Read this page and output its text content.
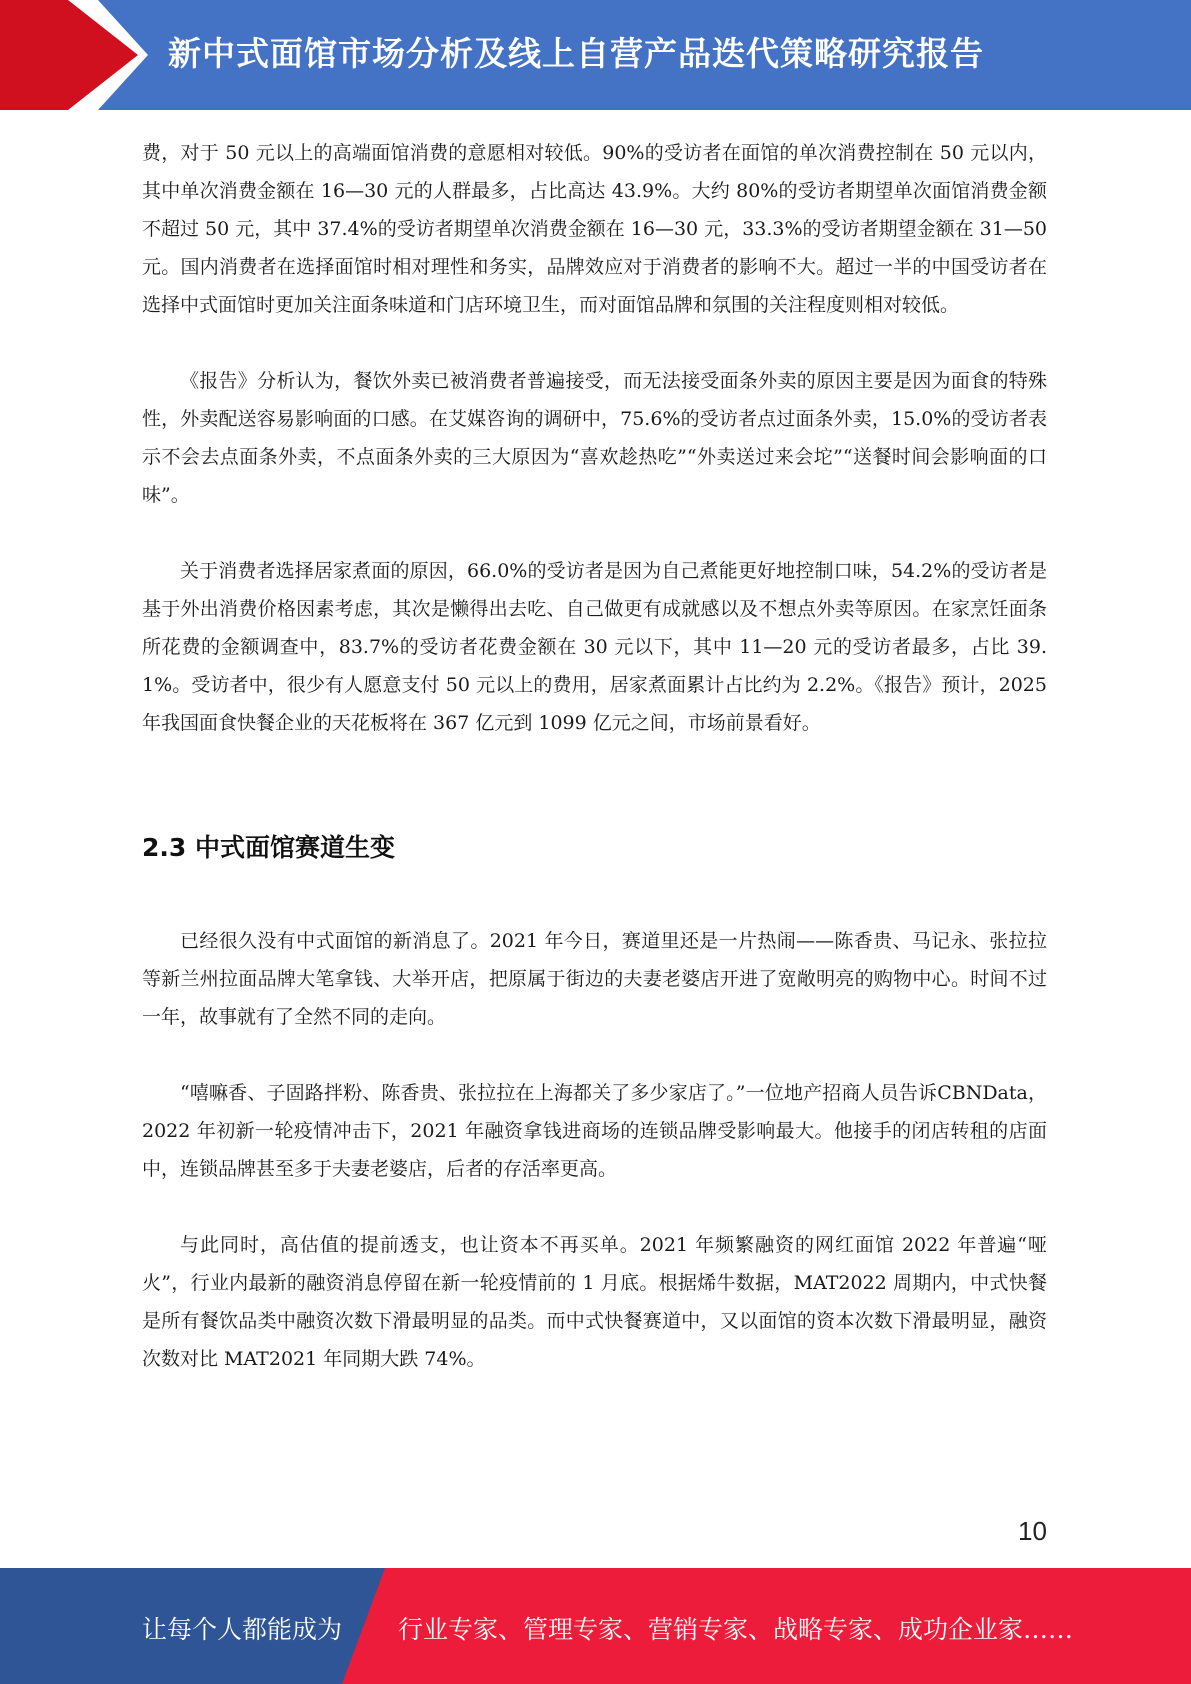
新中式面馆市场分析及线上自营产品迭代策略研究报告

费，对于 50 元以上的高端面馆消费的意愿相对较低。90%的受访者在面馆的单次消费控制在 50 元以内，其中单次消费金额在 16—30 元的人群最多，占比高达 43.9%。大约 80%的受访者期望单次面馆消费金额不超过 50 元，其中 37.4%的受访者期望单次消费金额在 16—30 元，33.3%的受访者期望金额在 31—50 元。国内消费者在选择面馆时相对理性和务实，品牌效应对于消费者的影响不大。超过一半的中国受访者在选择中式面馆时更加关注面条味道和门店环境卫生，而对面馆品牌和氛围的关注程度则相对较低。

《报告》分析认为，餐饮外卖已被消费者普遍接受，而无法接受面条外卖的原因主要是因为面食的特殊性，外卖配送容易影响面的口感。在艾媒咨询的调研中，75.6%的受访者点过面条外卖，15.0%的受访者表示不会去点面条外卖，不点面条外卖的三大原因为“喜欢趁热吃”“外卖送过来会坨”“送餐时间会影响面的口味”。

关于消费者选择居家煮面的原因，66.0%的受访者是因为自己煮能更好地控制口味，54.2%的受访者是基于外出消费价格因素考虑，其次是懒得出去吃、自己做更有成就感以及不想点外卖等原因。在家烹饪面条所花费的金额调查中，83.7%的受访者花费金额在 30 元以下，其中 11—20 元的受访者最多，占比 39.1%。受访者中，很少有人愿意支付 50 元以上的费用，居家煮面累计占比约为 2.2%。《报告》预计，2025 年我国面食快餐企业的天花板将在 367 亿元到 1099 亿元之间，市场前景看好。

2.3 中式面馆赛道生变

已经很久没有中式面馆的新消息了。2021 年今日，赛道里还是一片热闹——陈香贵、马记永、张拉拉等新兰州拉面品牌大笔拿钱、大举开店，把原属于街边的夫妻老婆店开进了宽敞明亮的购物中心。时间不过一年，故事就有了全然不同的走向。

“嘻嘛香、子固路拌粉、陈香贵、张拉拉在上海都关了多少家店了。”一位地产招商人员告诉CBNData，2022 年初新一轮疫情冲击下，2021 年融资拿钱进商场的连锁品牌受影响最大。他接手的闭店转租的店面中，连锁品牌甚至多于夫妻老婆店，后者的存活率更高。

与此同时，高估值的提前透支，也让资本不再买单。2021 年频繁融资的网红面馆 2022 年普遍“哑火”，行业内最新的融资消息停留在新一轮疫情前的 1 月底。根据烯牛数据，MAT2022 周期内，中式快餐是所有餐饮品类中融资次数下滑最明显的品类。而中式快餐赛道中，又以面馆的资本次数下滑最明显，融资次数对比 MAT2021 年同期大跌 74%。

10
让每个人都能成为 行业专家、管理专家、营销专家、战略专家、成功企业家……
